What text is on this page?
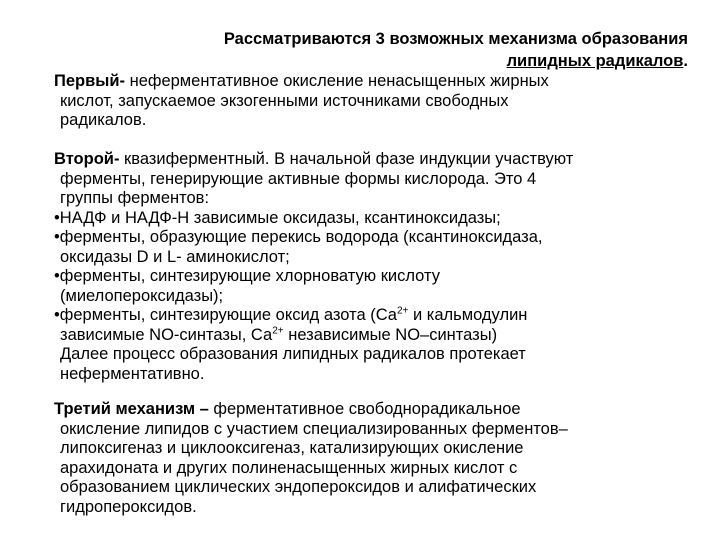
Рассматриваются 3 возможных механизма образования
липидных радикалов.
Первый- неферментативное окисление ненасыщенных жирных
кислот, запускаемое экзогенными источниками свободных
радикалов.
Второй- квазиферментный. В начальной фазе индукции участвуют
ферменты, генерирующие активные формы кислорода. Это 4
группы ферментов:
•НАДФ и НАДФ-Н зависимые оксидазы, ксантиноксидазы;
•ферменты, образующие перекись водорода (ксантиноксидаза,
оксидазы D и L- аминокислот;
•ферменты, синтезирующие хлорноватую кислоту
(миелопероксидазы);
•ферменты, синтезирующие оксид азота ($Са^{2+}$ и кальмодулин
зависимые NO-синтазы, $Са^{2+}$ независимые NO–синтазы)
Далее процесс образования липидных радикалов протекает
неферментативно.
Третий механизм – ферментативное свободнорадикальное
окисление липидов с участием специализированных ферментов–
липоксигеназ и циклооксигеназ, катализирующих окисление
арахидоната и других полиненасыщенных жирных кислот с
образованием циклических эндопероксидов и алифатических
гидропероксидов.
